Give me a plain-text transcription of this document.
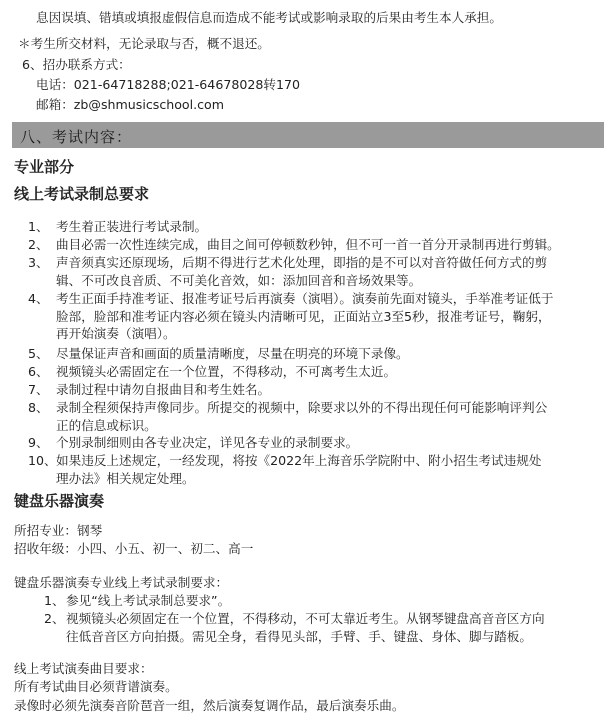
息因误填、错填或填报虚假信息而造成不能考试或影响录取的后果由考生本人承担。
＊考生所交材料，无论录取与否，概不退还。
6、招办联系方式：
电话：021-64718288;021-64678028转170
邮箱：zb@shmusicschool.com
八、考试内容：
专业部分
线上考试录制总要求
1、 考生着正装进行考试录制。
2、 曲目必需一次性连续完成，曲目之间可停顿数秒钟，但不可一首一首分开录制再进行剪辑。
3、 声音须真实还原现场，后期不得进行艺术化处理，即指的是不可以对音符做任何方式的剪
辑、不可改良音质、不可美化音效，如：添加回音和音场效果等。
4、 考生正面手持准考证、报准考证号后再演奏（演唱）。演奏前先面对镜头，手举准考证低于
脸部，脸部和准考证内容必须在镜头内清晰可见，正面站立3至5秒，报准考证号，鞠躬，
再开始演奏（演唱）。
5、 尽量保证声音和画面的质量清晰度，尽量在明亮的环境下录像。
6、 视频镜头必需固定在一个位置，不得移动，不可离考生太近。
7、 录制过程中请勿自报曲目和考生姓名。
8、 录制全程须保持声像同步。所提交的视频中，除要求以外的不得出现任何可能影响评判公
正的信息或标识。
9、 个别录制细则由各专业决定，详见各专业的录制要求。
10、 如果违反上述规定，一经发现，将按《2022年上海音乐学院附中、附小招生考试违规处
理办法》相关规定处理。
键盘乐器演奏
所招专业：钢琴
招收年级：小四、小五、初一、初二、高一
键盘乐器演奏专业线上考试录制要求：
1、 参见“线上考试录制总要求”。
2、 视频镜头必须固定在一个位置，不得移动，不可太靠近考生。从钢琴键盘高音音区方向
往低音音区方向拍摄。需见全身，看得见头部，手臂、手、键盘、身体、脚与踏板。
线上考试演奏曲目要求：
所有考试曲目必须背谱演奏。
录像时必须先演奏音阶琶音一组，然后演奏复调作品，最后演奏乐曲。
